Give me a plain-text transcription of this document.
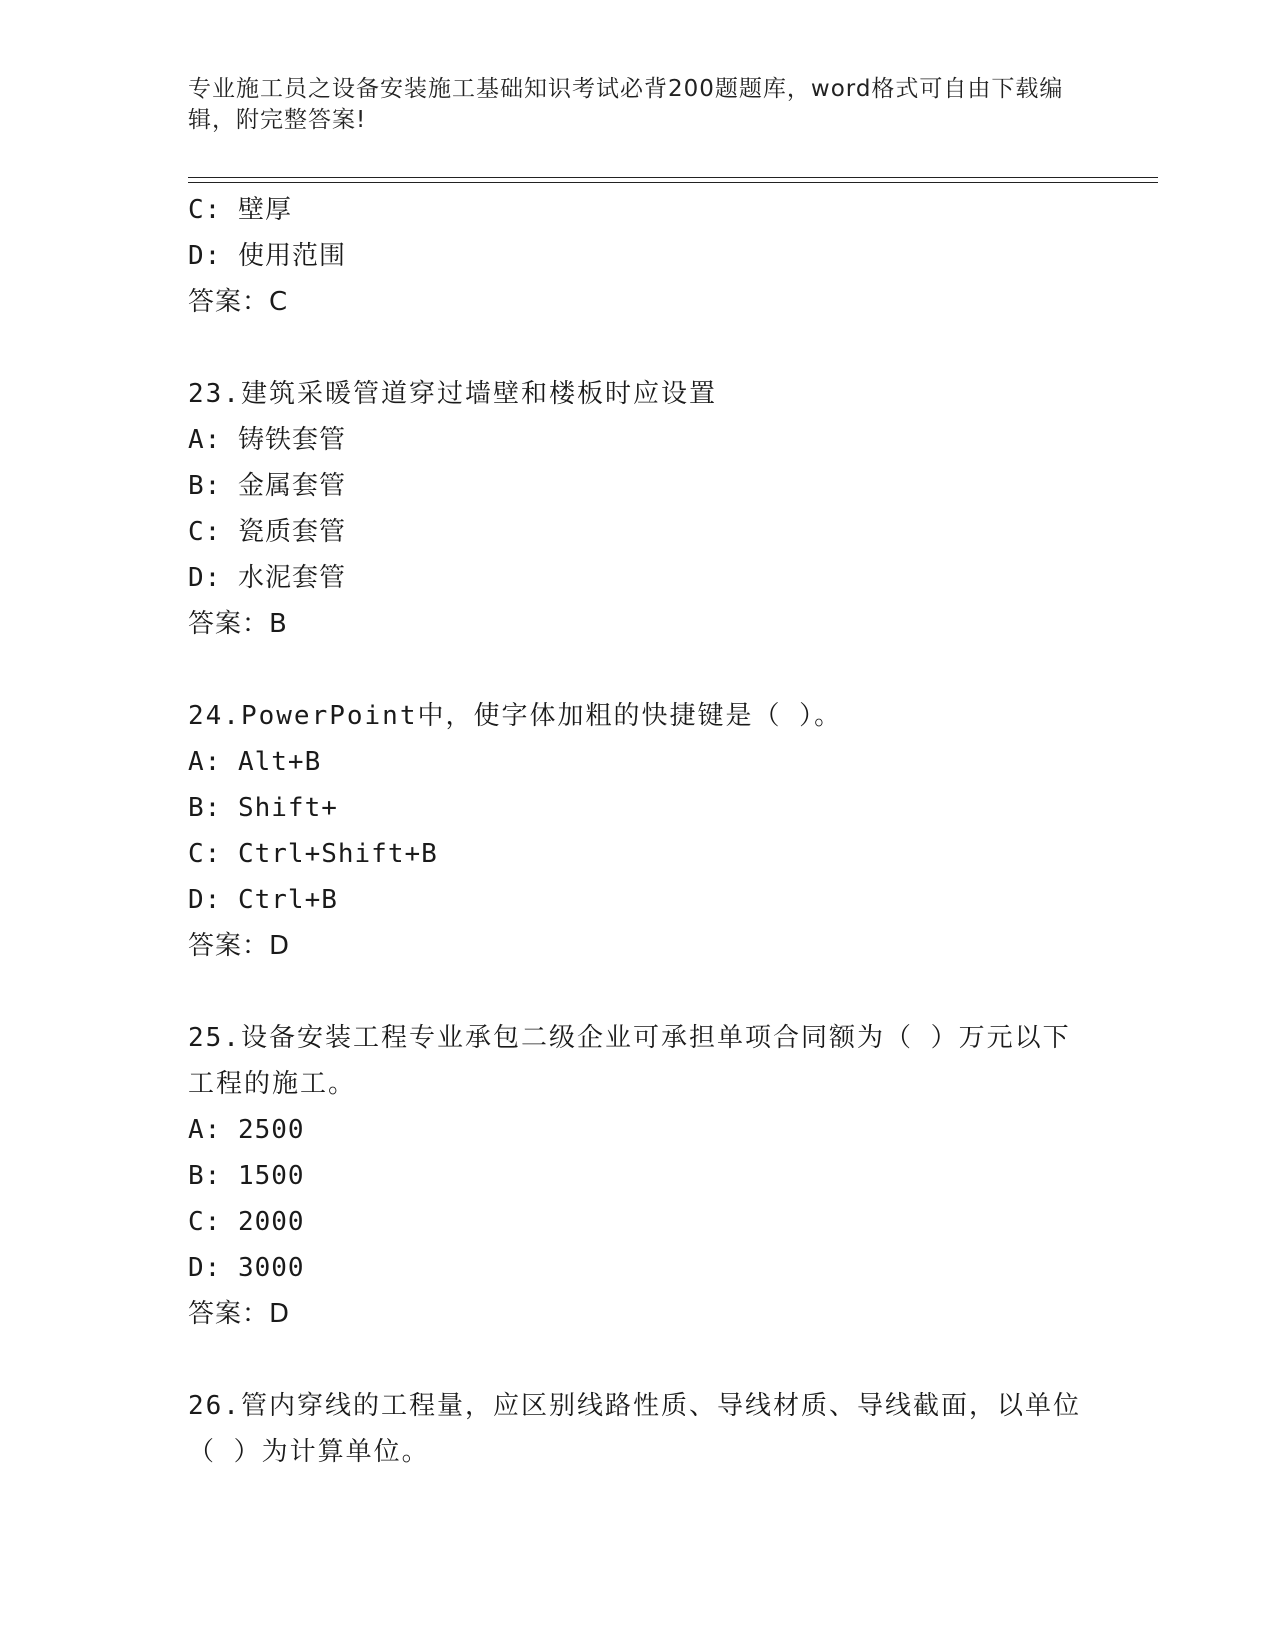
专业施工员之设备安装施工基础知识考试必背200题题库，word格式可自由下载编辑，附完整答案!
C: 壁厚
D: 使用范围
答案：C
23.建筑采暖管道穿过墙壁和楼板时应设置
A: 铸铁套管
B: 金属套管
C: 瓷质套管
D: 水泥套管
答案：B
24.PowerPoint中，使字体加粗的快捷键是（ ）。
A: Alt+B
B: Shift+
C: Ctrl+Shift+B
D: Ctrl+B
答案：D
25.设备安装工程专业承包二级企业可承担单项合同额为（ ）万元以下工程的施工。
A: 2500
B: 1500
C: 2000
D: 3000
答案：D
26.管内穿线的工程量，应区别线路性质、导线材质、导线截面，以单位（ ）为计算单位。
